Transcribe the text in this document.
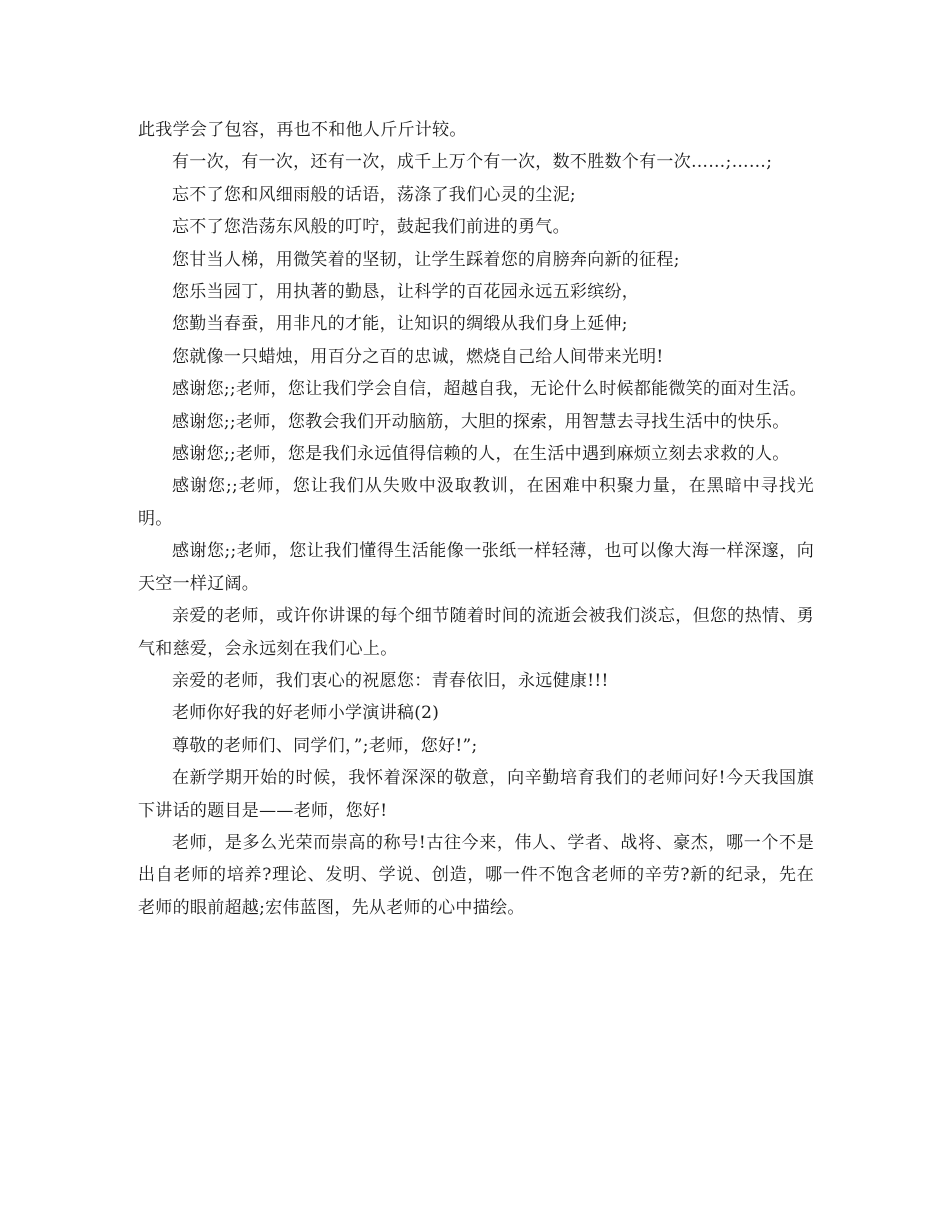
此我学会了包容，再也不和他人斤斤计较。

有一次，有一次，还有一次，成千上万个有一次，数不胜数个有一次……;……;

忘不了您和风细雨般的话语，荡涤了我们心灵的尘泥;

忘不了您浩荡东风般的叮咛，鼓起我们前进的勇气。

您甘当人梯，用微笑着的坚韧，让学生踩着您的肩膀奔向新的征程;

您乐当园丁，用执著的勤恳，让科学的百花园永远五彩缤纷，

您勤当春蚕，用非凡的才能，让知识的绸缎从我们身上延伸;

您就像一只蜡烛，用百分之百的忠诚，燃烧自己给人间带来光明!

感谢您;;老师，您让我们学会自信，超越自我，无论什么时候都能微笑的面对生活。

感谢您;;老师，您教会我们开动脑筋，大胆的探索，用智慧去寻找生活中的快乐。

感谢您;;老师，您是我们永远值得信赖的人，在生活中遇到麻烦立刻去求救的人。

感谢您;;老师，您让我们从失败中汲取教训，在困难中积聚力量，在黑暗中寻找光明。

感谢您;;老师，您让我们懂得生活能像一张纸一样轻薄，也可以像大海一样深邃，向天空一样辽阔。

亲爱的老师，或许你讲课的每个细节随着时间的流逝会被我们淡忘，但您的热情、勇气和慈爱，会永远刻在我们心上。

亲爱的老师，我们衷心的祝愿您：青春依旧，永远健康!!!

老师你好我的好老师小学演讲稿(2)

尊敬的老师们、同学们，”;老师，您好!”;

在新学期开始的时候，我怀着深深的敬意，向辛勤培育我们的老师问好!今天我国旗下讲话的题目是——老师，您好!

老师，是多么光荣而崇高的称号!古往今来，伟人、学者、战将、豪杰，哪一个不是出自老师的培养?理论、发明、学说、创造，哪一件不饱含老师的辛劳?新的纪录，先在老师的眼前超越;宏伟蓝图，先从老师的心中描绘。
